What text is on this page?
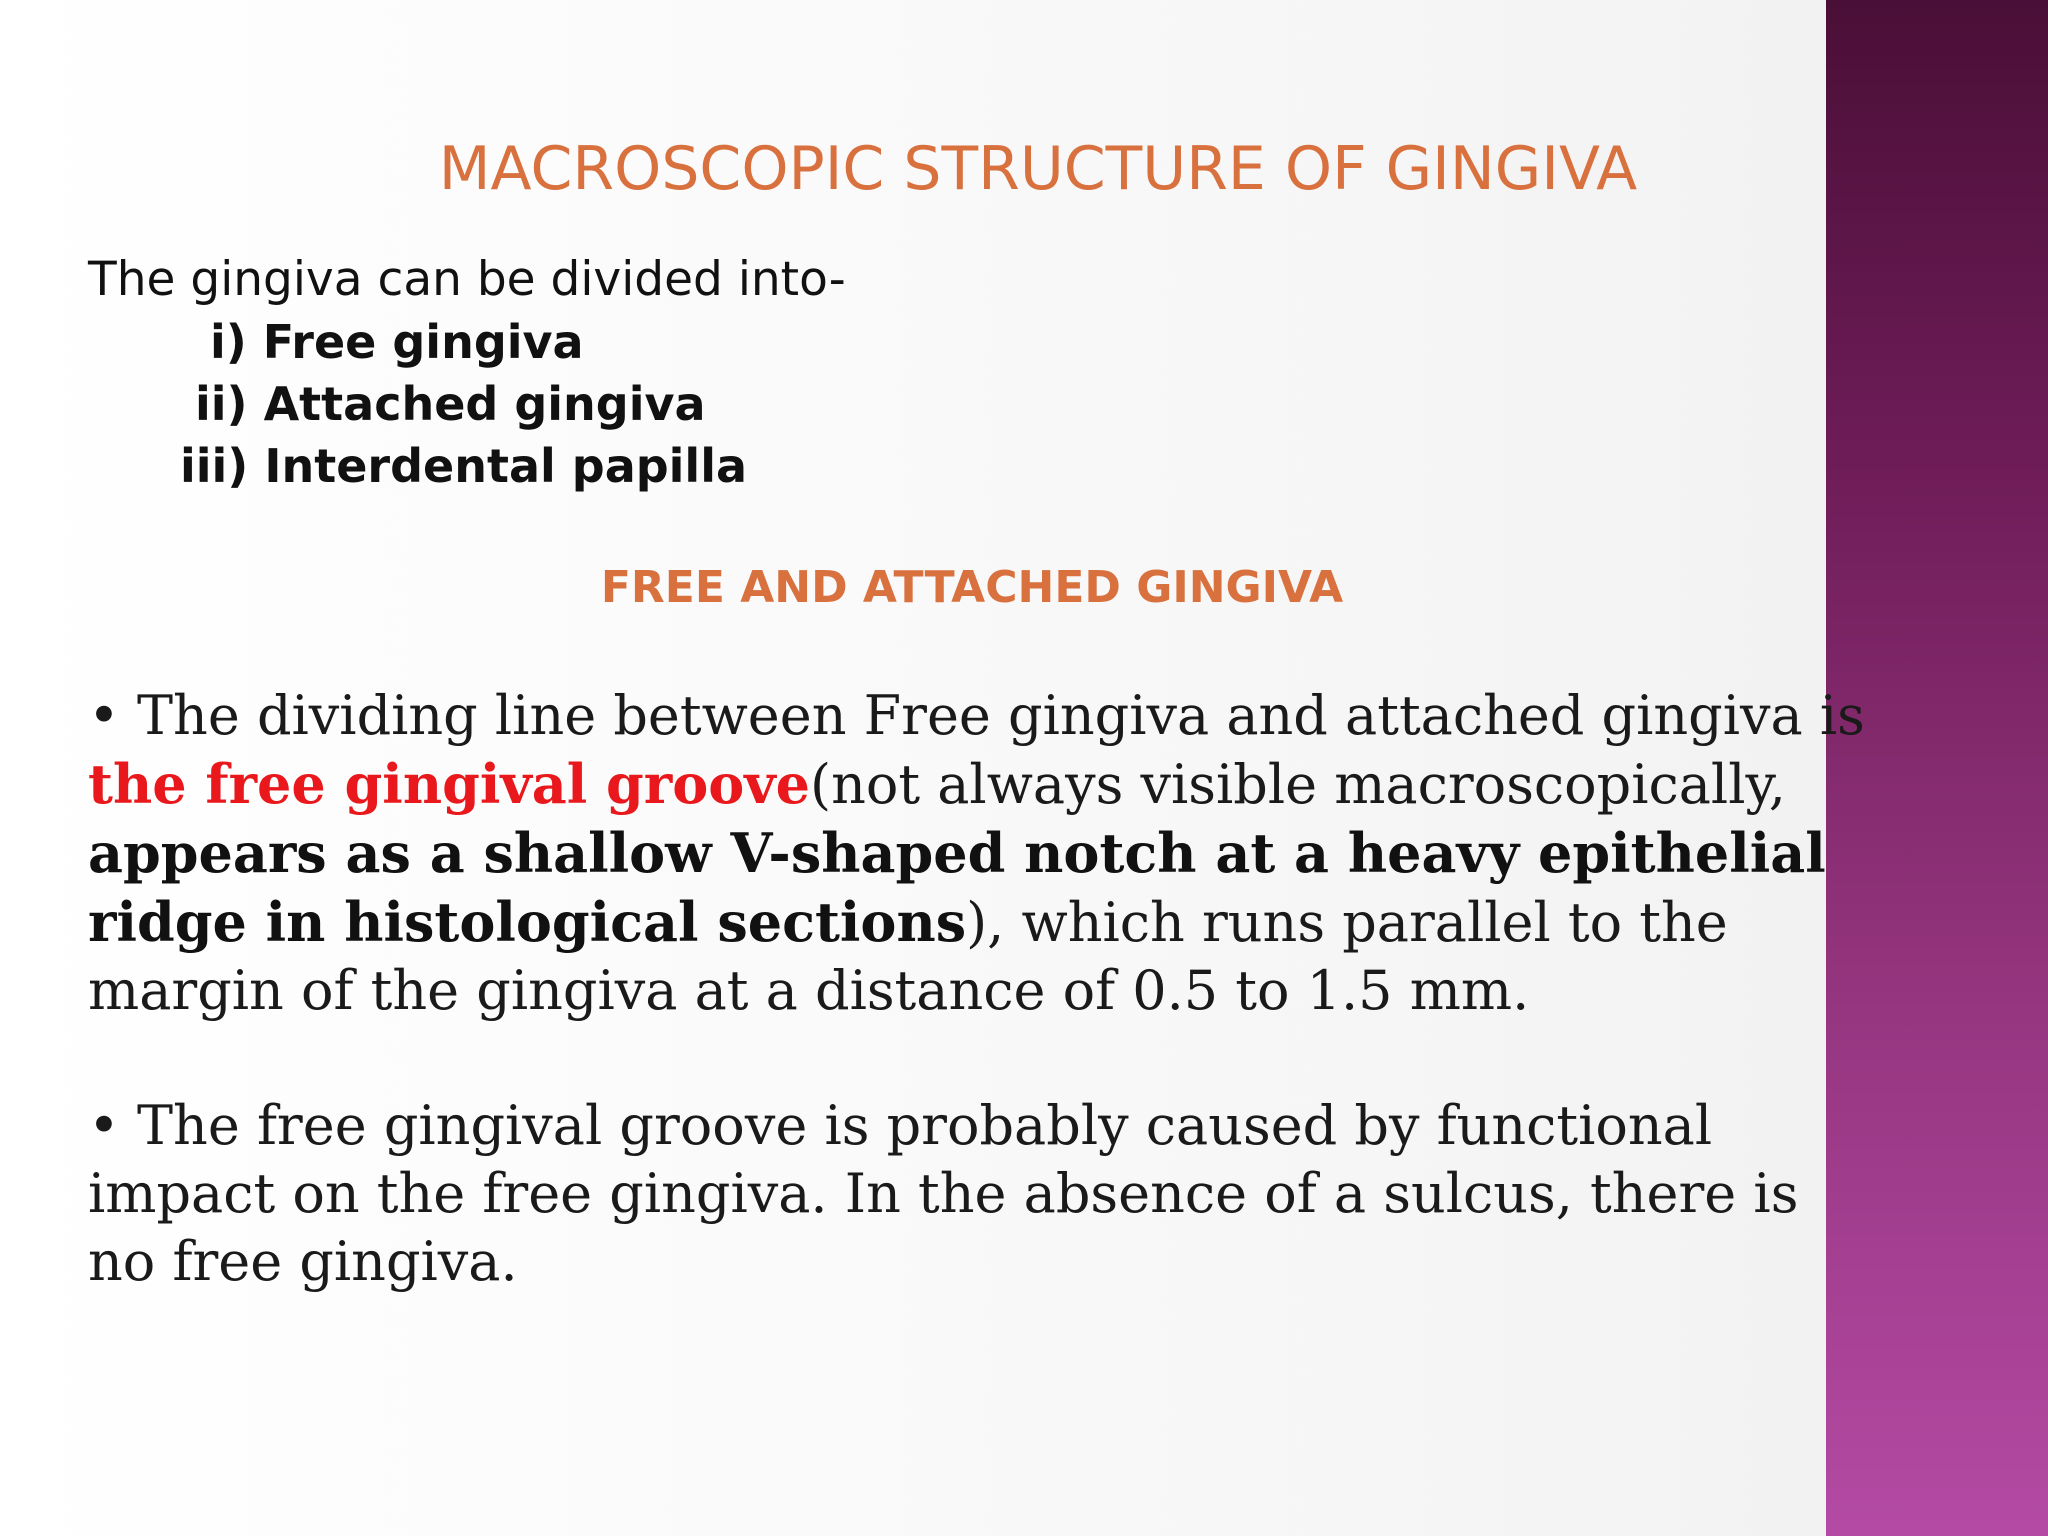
MACROSCOPIC STRUCTURE OF GINGIVA
The gingiva can be divided into-
i) Free gingiva
ii) Attached gingiva
iii) Interdental papilla
FREE AND ATTACHED GINGIVA

• The dividing line between Free gingiva and attached gingiva is the free gingival groove(not always visible macroscopically, appears as a shallow V-shaped notch at a heavy epithelial ridge in histological sections), which runs parallel to the margin of the gingiva at a distance of 0.5 to 1.5 mm.

• The free gingival groove is probably caused by functional impact on the free gingiva. In the absence of a sulcus, there is no free gingiva.
